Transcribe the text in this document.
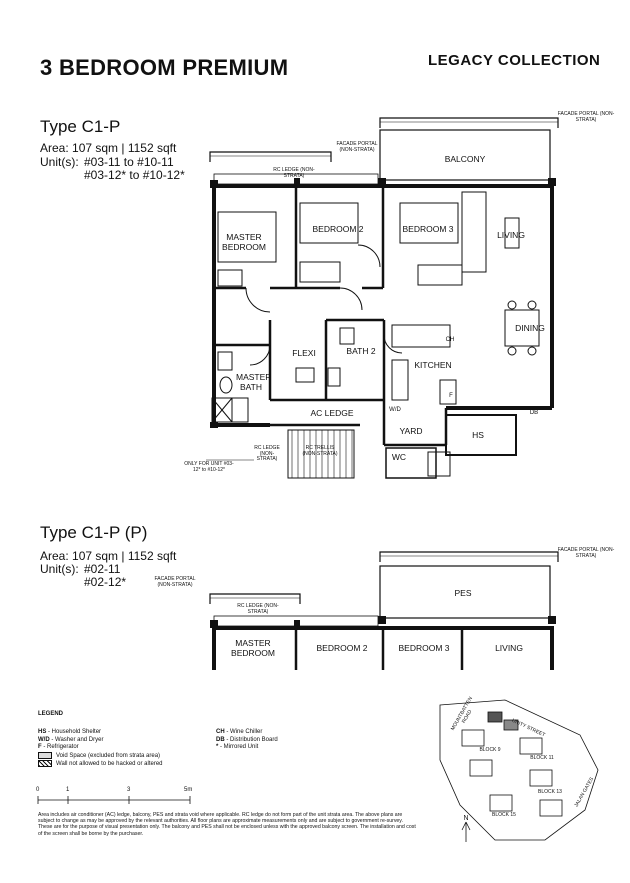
3 BEDROOM PREMIUM	LEGACY COLLECTION
Type C1-P
Area: 107 sqm | 1152 sqft
Unit(s): #03-11 to #10-11
#03-12* to #10-12*
FACADE PORTAL (NON-STRATA)
FACADE PORTAL (NON-STRATA)
RC LEDGE (NON-STRATA)
BALCONY
MASTER BEDROOM
BEDROOM 2	BEDROOM 3
LIVING
DINING
FLEXI	BATH 2
KITCHEN
MASTER BATH
AC LEDGE
YARD
WC
HS
W/D
CH
F
DB
RC LEDGE (NON-STRATA)
RC TRELLIS (NON-STRATA)
ONLY FOR UNIT #03-12* to #10-12*
Type C1-P (P)
Area: 107 sqm | 1152 sqft
Unit(s): #02-11
#02-12*
FACADE PORTAL (NON-STRATA)
FACADE PORTAL (NON-STRATA)
RC LEDGE (NON-STRATA)
PES
MASTER BEDROOM	BEDROOM 2	BEDROOM 3	LIVING
LEGEND
HS - Household Shelter
W/D - Washer and Dryer
F - Refrigerator
Void Space (excluded from strata area)
Wall not allowed to be hacked or altered
CH - Wine Chiller
DB - Distribution Board
* - Mirrored Unit
0	1	3	5m
N
MOUNTBATTEN ROAD
UNITY STREET
JALAN GATES
BLOCK 9
BLOCK 11
BLOCK 13
BLOCK 15
Area includes air conditioner (AC) ledge, balcony, PES and strata void where applicable. RC ledge do not form part of the unit strata area. The above plans are subject to change as may be approved by the relevant authorities. All floor plans are approximate measurements only and are subject to government re-survey. These are for the purpose of visual presentation only. The balcony and PES shall not be enclosed unless with the approved balcony screen. The installation and cost of the screen shall be borne by the purchaser.
